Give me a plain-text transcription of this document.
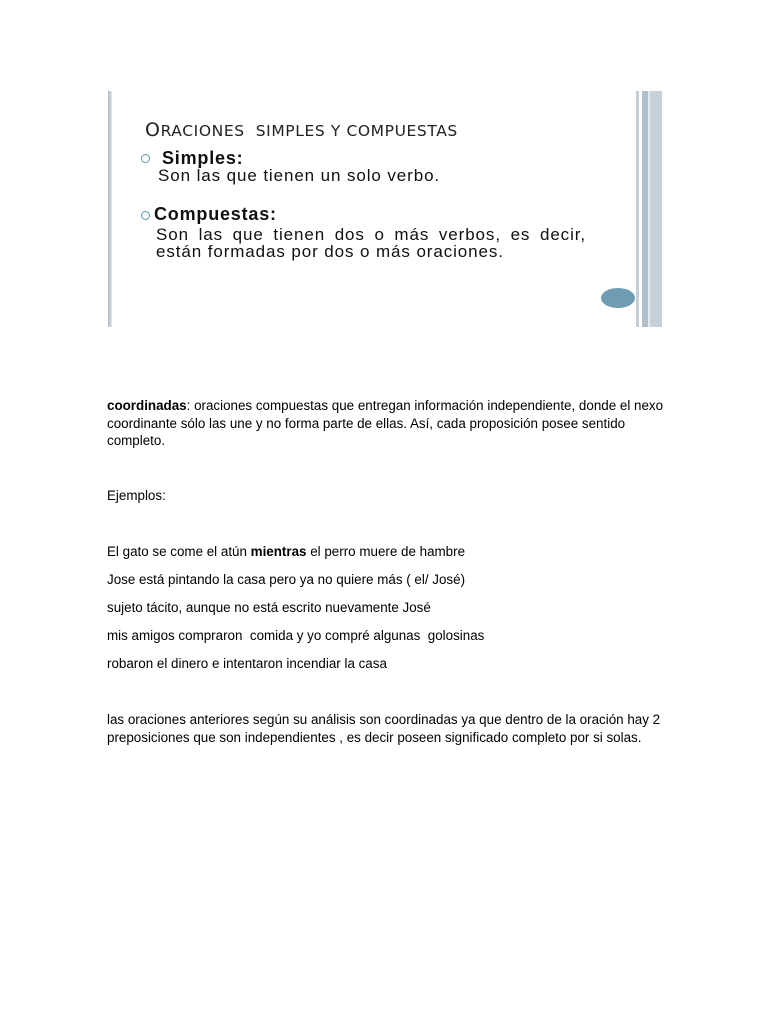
ORACIONES SIMPLES Y COMPUESTAS
Simples:
Son las que tienen un solo verbo.
Compuestas:
Son las que tienen dos o más verbos, es decir, están formadas por dos o más oraciones.
coordinadas: oraciones compuestas que entregan información independiente, donde el nexo coordinante sólo las une y no forma parte de ellas. Así, cada proposición posee sentido completo.
Ejemplos:
El gato se come el atún mientras el perro muere de hambre
Jose está pintando la casa pero ya no quiere más ( el/ José)
sujeto tácito, aunque no está escrito nuevamente José
mis amigos compraron  comida y yo compré algunas  golosinas
robaron el dinero e intentaron incendiar la casa
las oraciones anteriores según su análisis son coordinadas ya que dentro de la oración hay 2 preposiciones que son independientes , es decir poseen significado completo por si solas.
